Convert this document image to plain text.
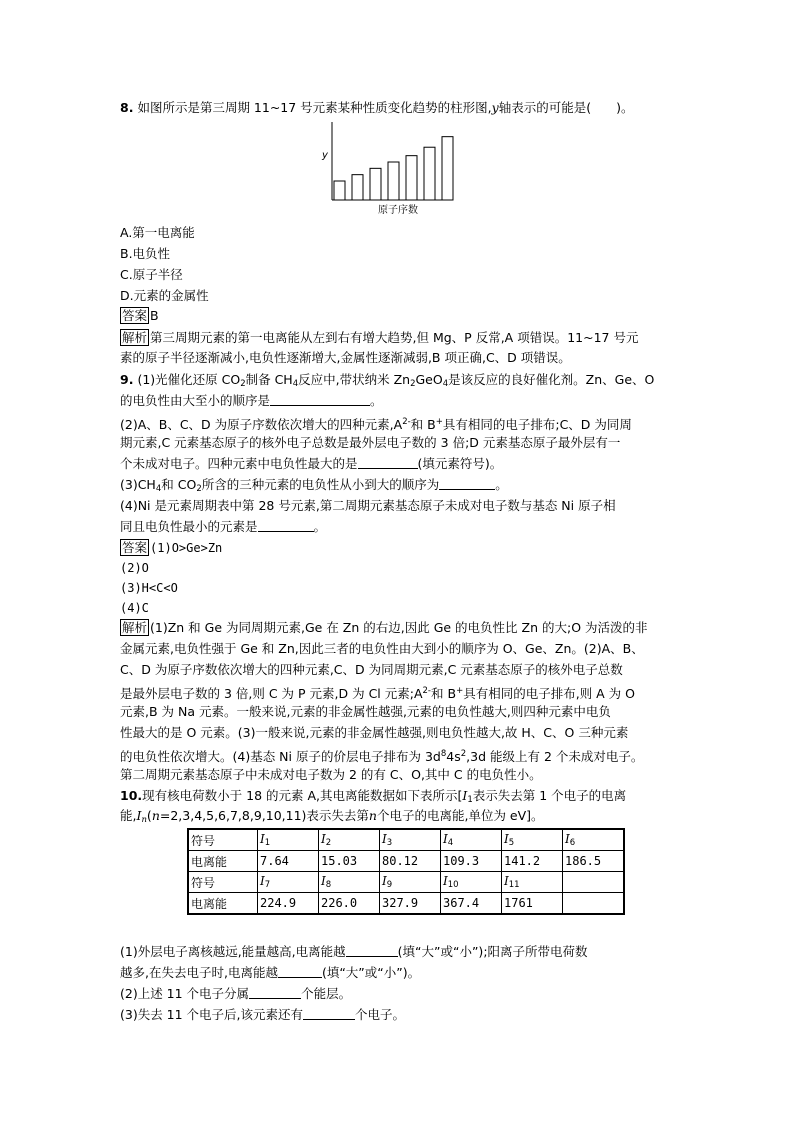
8. 如图所示是第三周期 11~17 号元素某种性质变化趋势的柱形图,y轴表示的可能是(　　)。
y
原子序数
A.第一电离能
B.电负性
C.原子半径
D.元素的金属性
答案 B
解析 第三周期元素的第一电离能从左到右有增大趋势,但 Mg、P 反常,A 项错误。11~17 号元
素的原子半径逐渐减小,电负性逐渐增大,金属性逐渐减弱,B 项正确,C、D 项错误。
9. (1)光催化还原 $CO_2$制备 $CH_4$反应中,带状纳米 $Zn_2GeO_4$是该反应的良好催化剂。Zn、Ge、O
的电负性由大至小的顺序是	。
(2)A、B、C、D 为原子序数依次增大的四种元素$,A^{2-}$和 B+具有相同的电子排布;C、D 为同周
期元素,C 元素基态原子的核外电子总数是最外层电子数的 3 倍;D 元素基态原子最外层有一
个未成对电子。四种元素中电负性最大的是	(填元素符号)。
$(3)CH_4$和 $CO_2$所含的三种元素的电负性从小到大的顺序为	。
(4)Ni 是元素周期表中第 28 号元素,第二周期元素基态原子未成对电子数与基态 Ni 原子相
同且电负性最小的元素是	。
答案 (1)O>Ge>Zn
(2)O
(3)H<C<O
(4)C
解析 (1)Zn 和 Ge 为同周期元素,Ge 在 Zn 的右边,因此 Ge 的电负性比 Zn 的大;O 为活泼的非
金属元素,电负性强于 Ge 和 Zn,因此三者的电负性由大到小的顺序为 O、Ge、Zn。(2)A、B、
C、D 为原子序数依次增大的四种元素,C、D 为同周期元素,C 元素基态原子的核外电子总数
是最外层电子数的 3 倍,则 C 为 P 元素,D 为 Cl 元素$;A^{2-}$和 B+具有相同的电子排布,则 A 为 O
元素,B 为 Na 元素。一般来说,元素的非金属性越强,元素的电负性越大,则四种元素中电负
性最大的是 O 元素。(3)一般来说,元素的非金属性越强,则电负性越大,故 H、C、O 三种元素
的电负性依次增大。(4)基态 Ni 原子的价层电子排布为 $3d^84s^2,3d$ 能级上有 2 个未成对电子。
第二周期元素基态原子中未成对电子数为 2 的有 C、O,其中 C 的电负性小。
10.现有核电荷数小于 18 的元素 A,其电离能数据如下表所示[$I_1$表示失去第 1 个电子的电离
能$,I_n(n=2,3,4,5,6,7,8,9,10,11)$表示失去第n个电子的电离能,单位为 eV]。
符号	$I_1$	$I_2$	$I_3$	$I_4$	$I_5$	$I_6$
电离能	7.64	15.03	80.12	109.3	141.2	186.5
符号	$I_7$	$I_8$	$I_9$	$I_{10}$	$I_{11}$	
电离能	224.9	226.0	327.9	367.4	1761	
(1)外层电子离核越远,能量越高,电离能越	(填“大”或“小”);阳离子所带电荷数
越多,在失去电子时,电离能越	(填“大”或“小”)。
(2)上述 11 个电子分属	个能层。
(3)失去 11 个电子后,该元素还有	个电子。
